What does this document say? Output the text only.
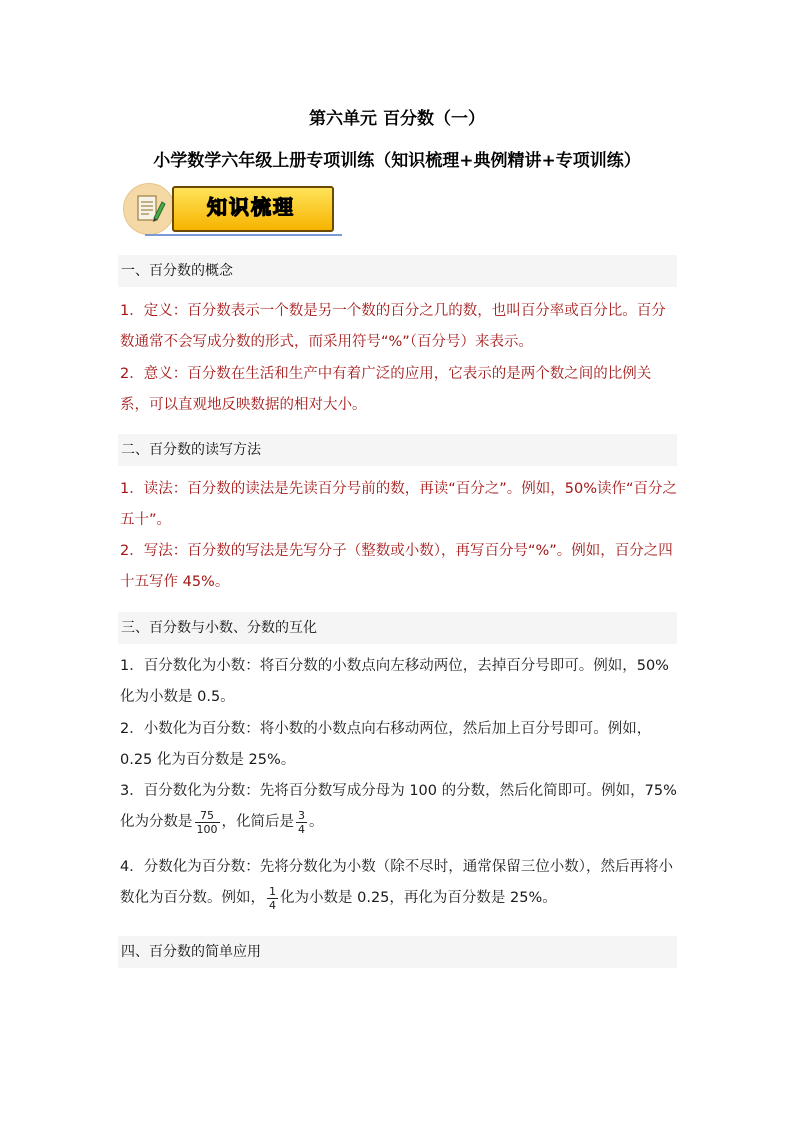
第六单元 百分数（一）
小学数学六年级上册专项训练（知识梳理+典例精讲+专项训练）
知识梳理
一、百分数的概念
1．定义：百分数表示一个数是另一个数的百分之几的数，也叫百分率或百分比。百分数通常不会写成分数的形式，而采用符号“%”（百分号）来表示。
2．意义：百分数在生活和生产中有着广泛的应用，它表示的是两个数之间的比例关系，可以直观地反映数据的相对大小。
二、百分数的读写方法
1．读法：百分数的读法是先读百分号前的数，再读“百分之”。例如，50%读作“百分之五十”。
2．写法：百分数的写法是先写分子（整数或小数），再写百分号“%”。例如，百分之四十五写作 45%。
三、百分数与小数、分数的互化
1．百分数化为小数：将百分数的小数点向左移动两位，去掉百分号即可。例如，50%化为小数是 0.5。
2．小数化为百分数：将小数的小数点向右移动两位，然后加上百分号即可。例如，0.25 化为百分数是 25%。
3．百分数化为分数：先将百分数写成分母为 100 的分数，然后化简即可。例如，75%化为分数是 $\frac{75}{100}$ ，化简后是 $\frac{3}{4}$ 。
4．分数化为百分数：先将分数化为小数（除不尽时，通常保留三位小数），然后再将小数化为百分数。例如， $\frac{1}{4}$ 化为小数是 0.25，再化为百分数是 25%。
四、百分数的简单应用
